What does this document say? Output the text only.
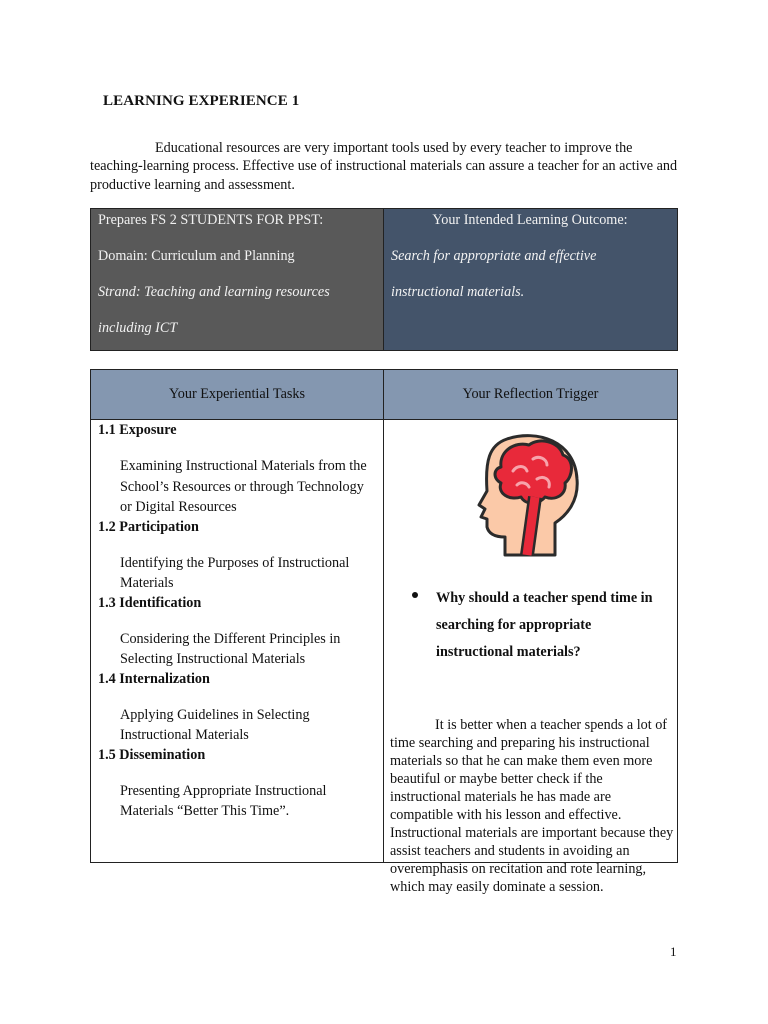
LEARNING EXPERIENCE 1
Educational resources are very important tools used by every teacher to improve the teaching-learning process. Effective use of instructional materials can assure a teacher for an active and productive learning and assessment.
Prepares FS 2 STUDENTS FOR PPST:
Domain: Curriculum and Planning
Strand: Teaching and learning resources
including ICT
Your Intended Learning Outcome:
Search for appropriate and effective
instructional materials.
Your Experiential Tasks	Your Reflection Trigger
1.1 Exposure
Examining Instructional Materials from the School’s Resources or through Technology or Digital Resources
1.2 Participation
Identifying the Purposes of Instructional Materials
1.3 Identification
Considering the Different Principles in Selecting Instructional Materials
1.4 Internalization
Applying Guidelines in Selecting Instructional Materials
1.5 Dissemination
Presenting Appropriate Instructional Materials “Better This Time”.
Why should a teacher spend time in searching for appropriate instructional materials?
It is better when a teacher spends a lot of time searching and preparing his instructional materials so that he can make them even more beautiful or maybe better check if the instructional materials he has made are compatible with his lesson and effective. Instructional materials are important because they assist teachers and students in avoiding an overemphasis on recitation and rote learning, which may easily dominate a session.
1
